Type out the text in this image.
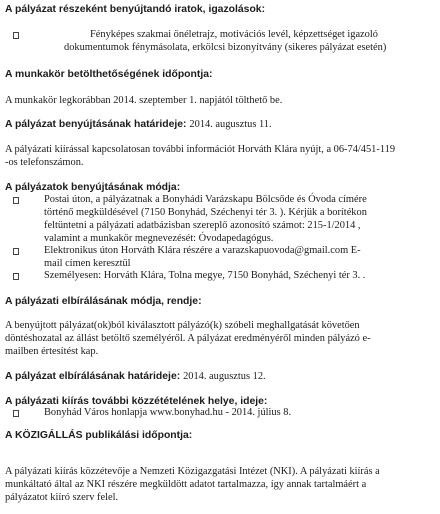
A pályázat részeként benyújtandó iratok, igazolások:
Fényképes szakmai önéletrajz, motivációs levél, képzettséget igazoló
dokumentumok fénymásolata, erkölcsi bizonyítvány (sikeres pályázat esetén)
A munkakör betölthetőségének időpontja:
A munkakör legkorábban 2014. szeptember 1. napjától tölthető be.
A pályázat benyújtásának határideje: 2014. augusztus 11.
A pályázati kiírással kapcsolatosan további információt Horváth Klára nyújt, a 06-74/451-119
-os telefonszámon.
A pályázatok benyújtásának módja:
Postai úton, a pályázatnak a Bonyhádi Varázskapu Bölcsőde és Óvoda címére
történő megküldésével (7150 Bonyhád, Széchenyi tér 3. ). Kérjük a borítékon
feltüntetni a pályázati adatbázisban szereplő azonosító számot: 215-1/2014 ,
valamint a munkakör megnevezését: Óvodapedagógus.
Elektronikus úton Horváth Klára részére a varazskapuovoda@gmail.com E-
mail címen keresztül
Személyesen: Horváth Klára, Tolna megye, 7150 Bonyhád, Széchenyi tér 3. .
A pályázati elbírálásának módja, rendje:
A benyújtott pályázat(ok)ból kiválasztott pályázó(k) szóbeli meghallgatását követően
döntéshozatal az állást betöltő személyéről. A pályázat eredményéről minden pályázó e-
mailben értesítést kap.
A pályázat elbírálásának határideje: 2014. augusztus 12.
A pályázati kiírás további közzétételének helye, ideje:
Bonyhád Város honlapja www.bonyhad.hu - 2014. július 8.
A KÖZIGÁLLÁS publikálási időpontja:
A pályázati kiírás közzétevője a Nemzeti Közigazgatási Intézet (NKI). A pályázati kiírás a
munkáltató által az NKI részére megküldött adatot tartalmazza, így annak tartalmáért a
pályázatot kiíró szerv felel.
